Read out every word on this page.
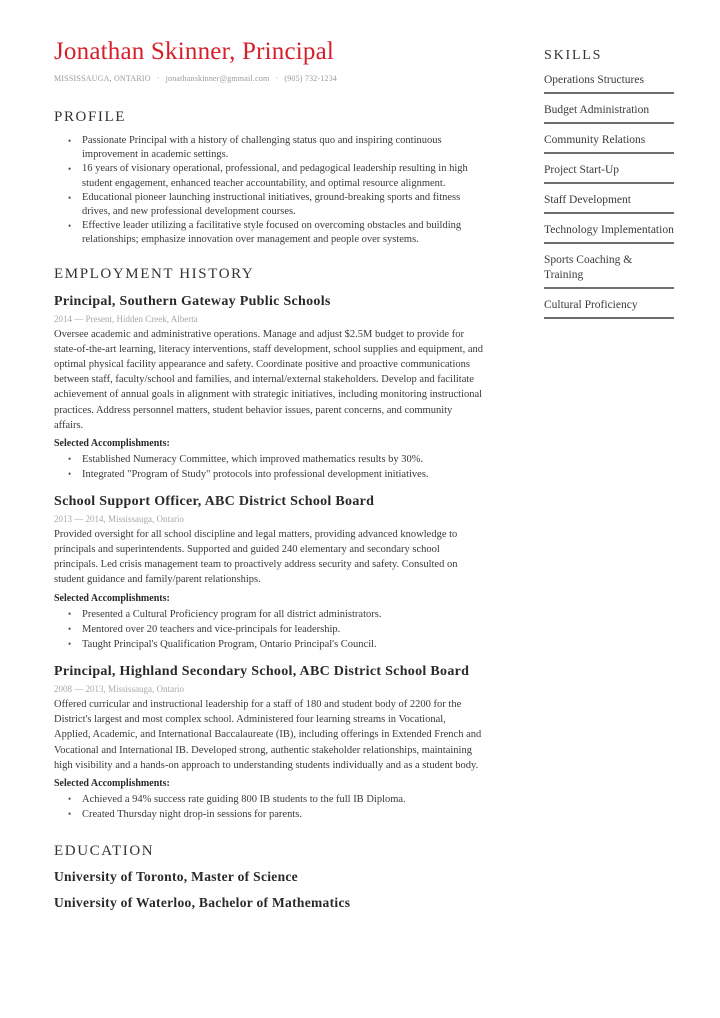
Jonathan Skinner, Principal
MISSISSAUGA, ONTARIO · jonathanskinner@gmmail.com · (905) 732-1234
PROFILE
• Passionate Principal with a history of challenging status quo and inspiring continuous improvement in academic settings.
• 16 years of visionary operational, professional, and pedagogical leadership resulting in high student engagement, enhanced teacher accountability, and optimal resource alignment.
• Educational pioneer launching instructional initiatives, ground-breaking sports and fitness drives, and new professional development courses.
• Effective leader utilizing a facilitative style focused on overcoming obstacles and building relationships; emphasize innovation over management and people over systems.
EMPLOYMENT HISTORY
Principal, Southern Gateway Public Schools
2014 — Present, Hidden Creek, Alberta
Oversee academic and administrative operations. Manage and adjust $2.5M budget to provide for state-of-the-art learning, literacy interventions, staff development, school supplies and equipment, and optimal physical facility appearance and safety. Coordinate positive and proactive communications between staff, faculty/school and families, and internal/external stakeholders. Develop and facilitate achievement of annual goals in alignment with strategic initiatives, including monitoring instructional practices. Address personnel matters, student behavior issues, parent concerns, and community affairs.
Selected Accomplishments:
• Established Numeracy Committee, which improved mathematics results by 30%.
• Integrated "Program of Study" protocols into professional development initiatives.
School Support Officer, ABC District School Board
2013 — 2014, Mississauga, Ontario
Provided oversight for all school discipline and legal matters, providing advanced knowledge to principals and superintendents. Supported and guided 240 elementary and secondary school principals. Led crisis management team to proactively address security and safety. Consulted on student guidance and family/parent relationships.
Selected Accomplishments:
• Presented a Cultural Proficiency program for all district administrators.
• Mentored over 20 teachers and vice-principals for leadership.
• Taught Principal's Qualification Program, Ontario Principal's Council.
Principal, Highland Secondary School, ABC District School Board
2008 — 2013, Mississauga, Ontario
Offered curricular and instructional leadership for a staff of 180 and student body of 2200 for the District's largest and most complex school. Administered four learning streams in Vocational, Applied, Academic, and International Baccalaureate (IB), including offerings in Extended French and Vocational and International IB. Developed strong, authentic stakeholder relationships, maintaining high visibility and a hands-on approach to understanding students individually and as a student body.
Selected Accomplishments:
• Achieved a 94% success rate guiding 800 IB students to the full IB Diploma.
• Created Thursday night drop-in sessions for parents.
EDUCATION
University of Toronto, Master of Science
University of Waterloo, Bachelor of Mathematics
SKILLS
Operations Structures
Budget Administration
Community Relations
Project Start-Up
Staff Development
Technology Implementation
Sports Coaching & Training
Cultural Proficiency
